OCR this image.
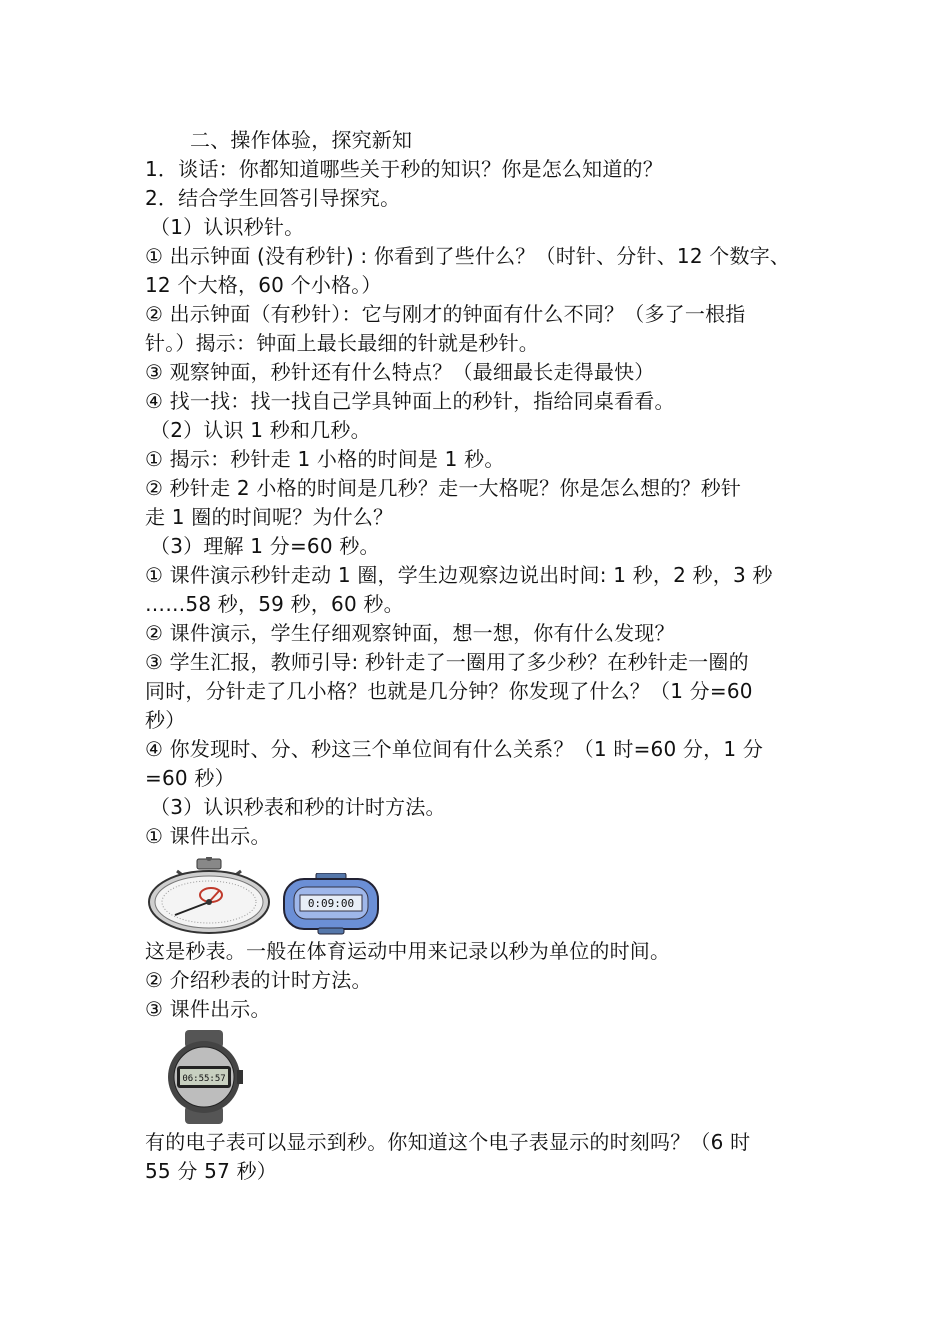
二、操作体验，探究新知

1．谈话：你都知道哪些关于秒的知识？你是怎么知道的？

2．结合学生回答引导探究。

（1）认识秒针。

① 出示钟面 (没有秒针) : 你看到了些什么？（时针、分针、12 个数字、

12 个大格，60 个小格。）

② 出示钟面（有秒针）：它与刚才的钟面有什么不同？（多了一根指

针。）揭示：钟面上最长最细的针就是秒针。

③ 观察钟面，秒针还有什么特点？（最细最长走得最快）

④ 找一找：找一找自己学具钟面上的秒针，指给同桌看看。

（2）认识 1 秒和几秒。

① 揭示：秒针走 1 小格的时间是 1 秒。

② 秒针走 2 小格的时间是几秒？走一大格呢？你是怎么想的？秒针

走 1 圈的时间呢？为什么？

（3）理解 1 分=60 秒。

① 课件演示秒针走动 1 圈，学生边观察边说出时间: 1 秒，2 秒，3 秒

……58 秒，59 秒，60 秒。

② 课件演示，学生仔细观察钟面，想一想，你有什么发现？

③ 学生汇报，教师引导: 秒针走了一圈用了多少秒？在秒针走一圈的

同时，分针走了几小格？也就是几分钟？你发现了什么？（1 分=60

秒）

④ 你发现时、分、秒这三个单位间有什么关系？（1 时=60 分，1 分

=60 秒）

（3）认识秒表和秒的计时方法。

① 课件出示。

0:09:00

这是秒表。一般在体育运动中用来记录以秒为单位的时间。

② 介绍秒表的计时方法。

③ 课件出示。

06:55:57

有的电子表可以显示到秒。你知道这个电子表显示的时刻吗？（6 时

55 分 57 秒）
